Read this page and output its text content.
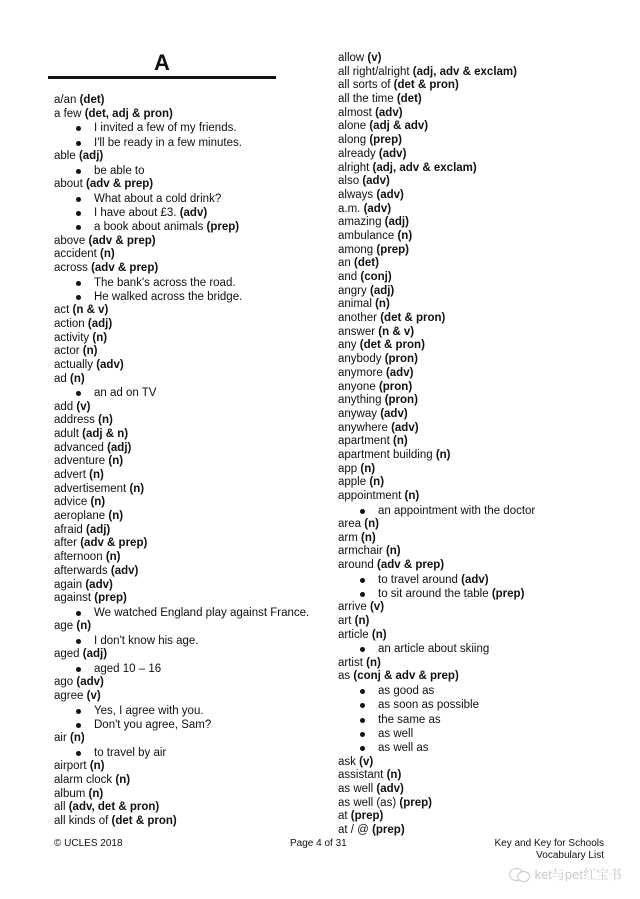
A
a/an (det)
a few (det, adj & pron)
I invited a few of my friends.
I'll be ready in a few minutes.
able (adj)
be able to
about (adv & prep)
What about a cold drink?
I have about £3. (adv)
a book about animals (prep)
above (adv & prep)
accident (n)
across (adv & prep)
The bank's across the road.
He walked across the bridge.
act (n & v)
action (adj)
activity (n)
actor (n)
actually (adv)
ad (n)
an ad on TV
add (v)
address (n)
adult (adj & n)
advanced (adj)
adventure (n)
advert (n)
advertisement (n)
advice (n)
aeroplane (n)
afraid (adj)
after (adv & prep)
afternoon (n)
afterwards (adv)
again (adv)
against (prep)
We watched England play against France.
age (n)
I don't know his age.
aged (adj)
aged 10 – 16
ago (adv)
agree (v)
Yes, I agree with you.
Don't you agree, Sam?
air (n)
to travel by air
airport (n)
alarm clock (n)
album (n)
all (adv, det & pron)
all kinds of (det & pron)
allow (v)
all right/alright (adj, adv & exclam)
all sorts of (det & pron)
all the time (det)
almost (adv)
alone (adj & adv)
along (prep)
already (adv)
alright (adj, adv & exclam)
also (adv)
always (adv)
a.m. (adv)
amazing (adj)
ambulance (n)
among (prep)
an (det)
and (conj)
angry (adj)
animal (n)
another (det & pron)
answer (n & v)
any (det & pron)
anybody (pron)
anymore (adv)
anyone (pron)
anything (pron)
anyway (adv)
anywhere (adv)
apartment (n)
apartment building (n)
app (n)
apple (n)
appointment (n)
an appointment with the doctor
area (n)
arm (n)
armchair (n)
around (adv & prep)
to travel around (adv)
to sit around the table (prep)
arrive (v)
art (n)
article (n)
an article about skiing
artist (n)
as (conj & adv & prep)
as good as
as soon as possible
the same as
as well
as well as
ask (v)
assistant (n)
as well (adv)
as well (as) (prep)
at (prep)
at / @ (prep)
© UCLES 2018	Page 4 of 31	Key and Key for Schools
Vocabulary List
ket与pet红宝书
